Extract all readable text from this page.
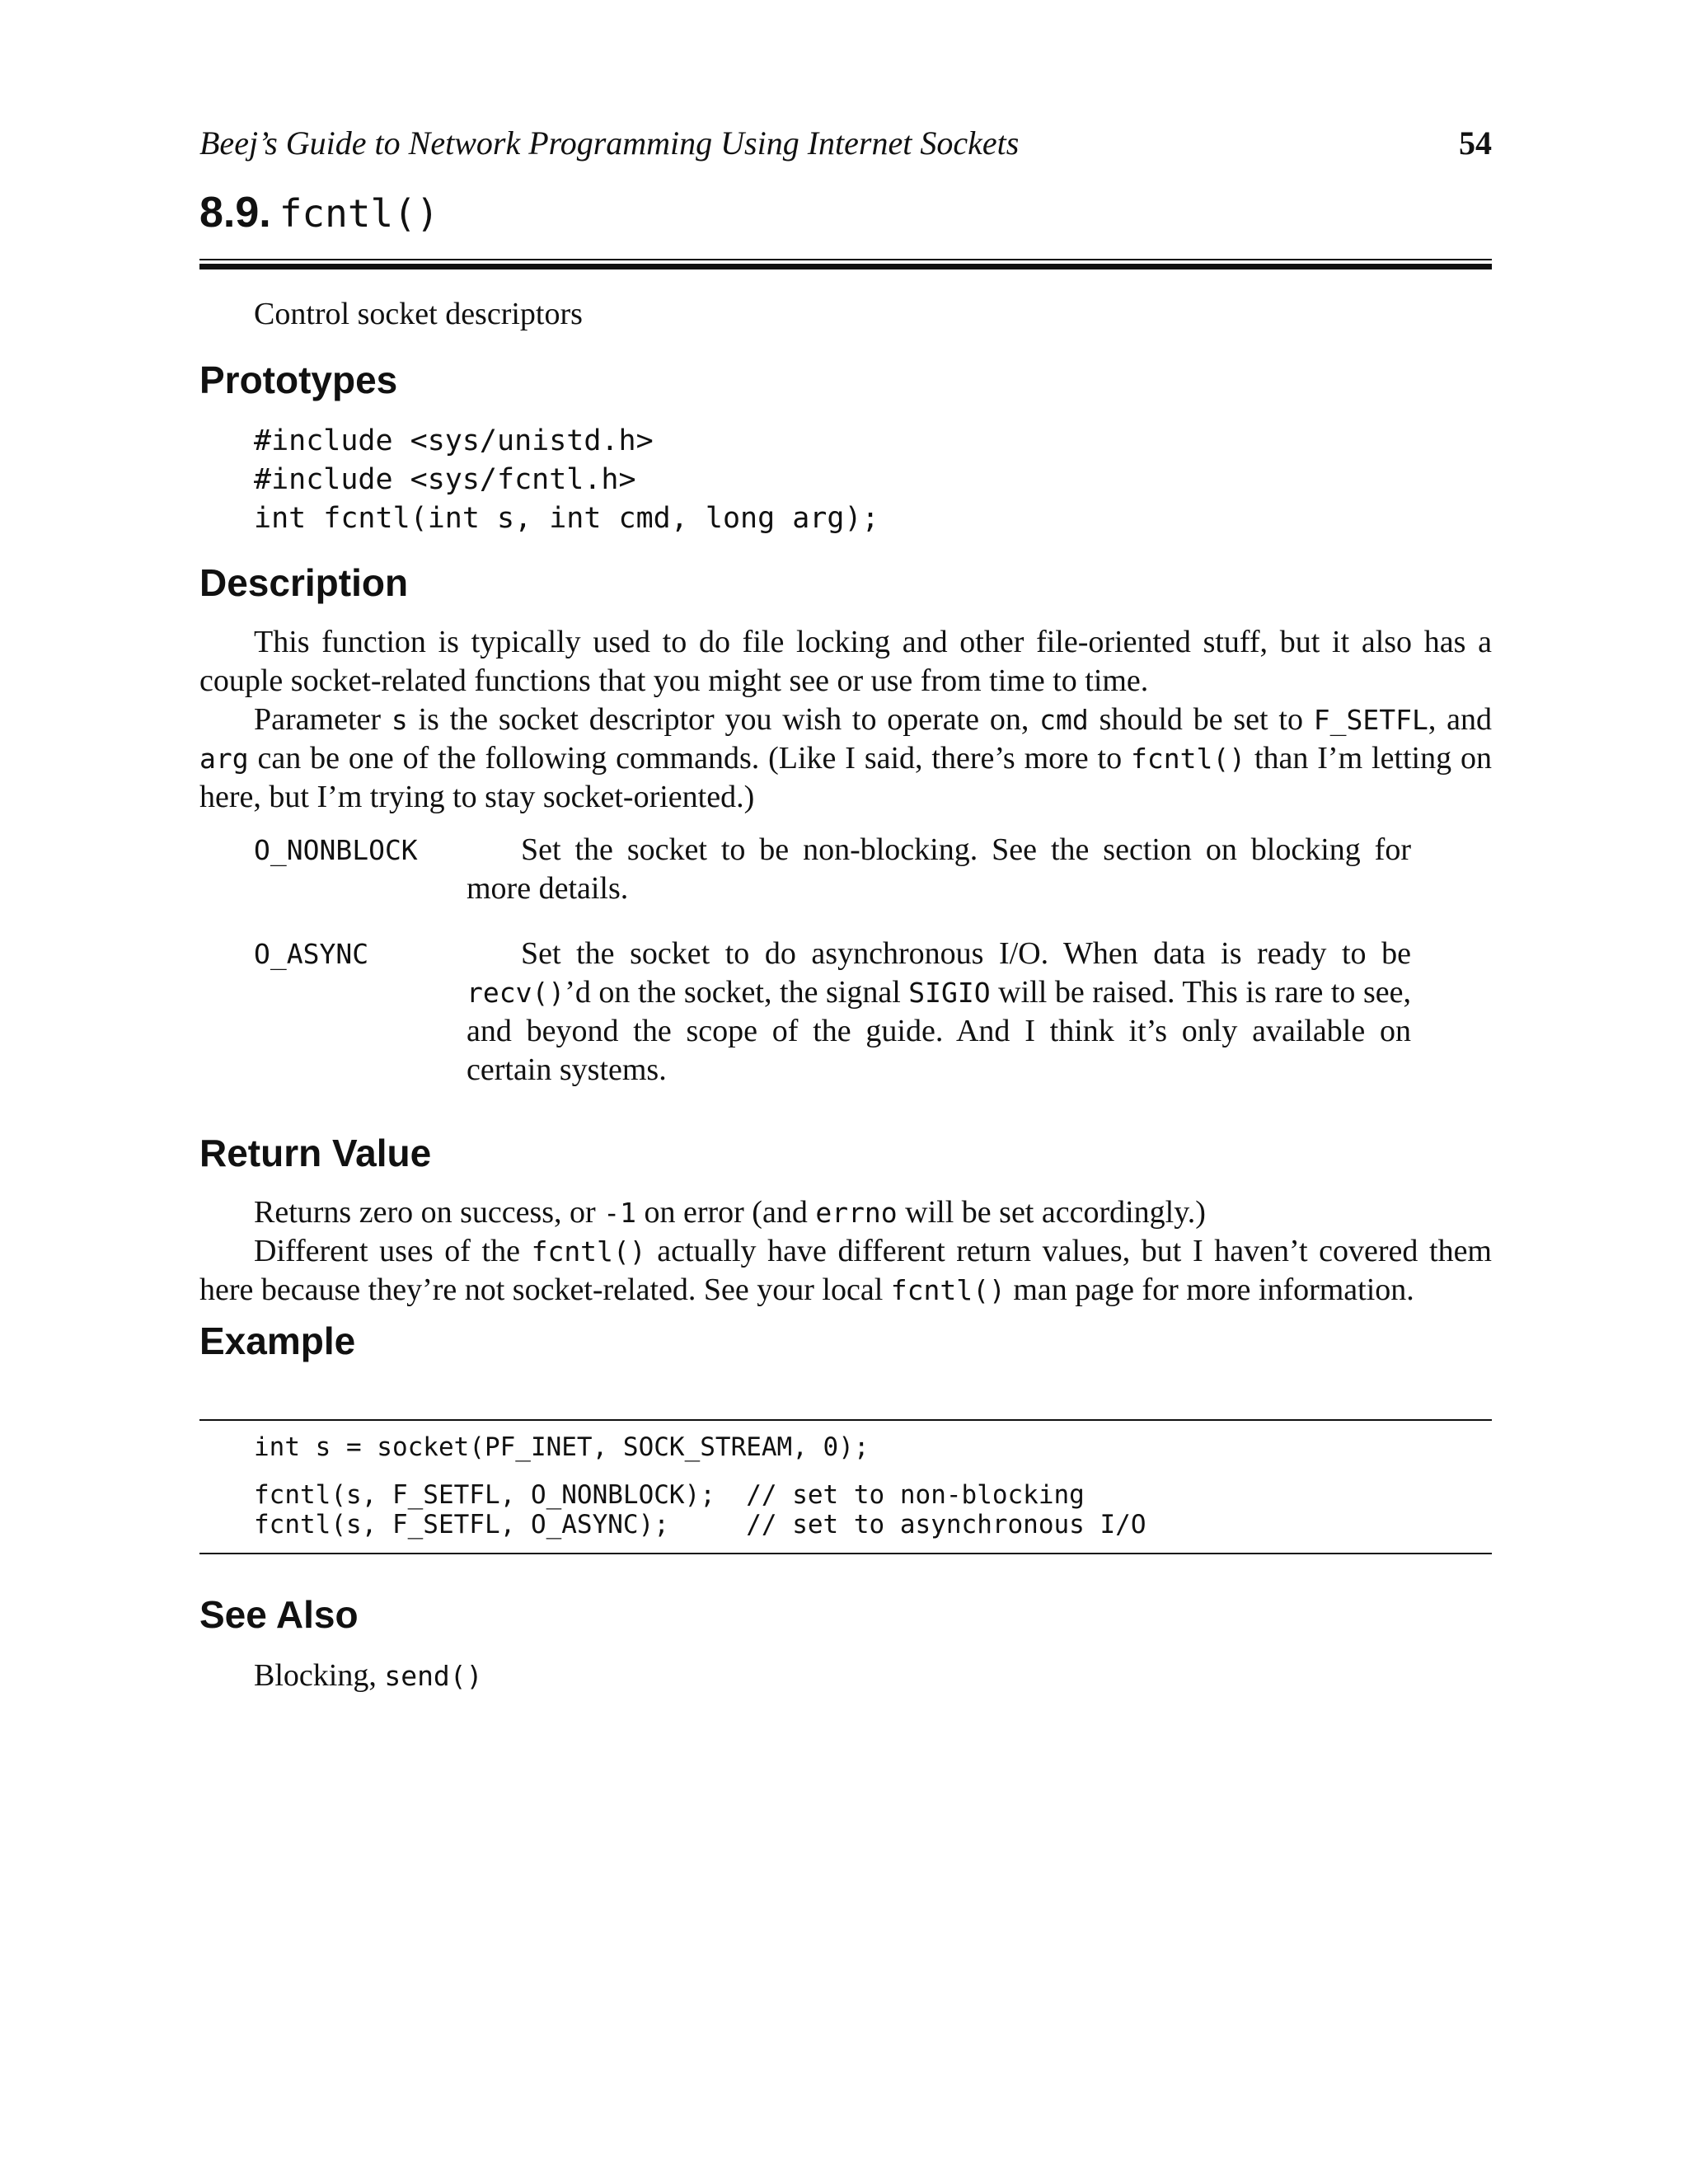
Beej’s Guide to Network Programming Using Internet Sockets	54
8.9. fcntl()
Control socket descriptors
Prototypes
#include <sys/unistd.h>
#include <sys/fcntl.h>
int fcntl(int s, int cmd, long arg);
Description

This function is typically used to do file locking and other file-oriented stuff, but it also has a couple socket-related functions that you might see or use from time to time.

Parameter s is the socket descriptor you wish to operate on, cmd should be set to F_SETFL, and arg can be one of the following commands. (Like I said, there’s more to fcntl() than I’m letting on here, but I’m trying to stay socket-oriented.)

O_NONBLOCK	Set the socket to be non-blocking. See the section on blocking for more details.
O_ASYNC	Set the socket to do asynchronous I/O. When data is ready to be recv()’d on the socket, the signal SIGIO will be raised. This is rare to see, and beyond the scope of the guide. And I think it’s only available on certain systems.
Return Value

Returns zero on success, or -1 on error (and errno will be set accordingly.)

Different uses of the fcntl() actually have different return values, but I haven’t covered them here because they’re not socket-related. See your local fcntl() man page for more information.

Example
int s = socket(PF_INET, SOCK_STREAM, 0);
fcntl(s, F_SETFL, O_NONBLOCK);  // set to non-blocking
fcntl(s, F_SETFL, O_ASYNC);     // set to asynchronous I/O
See Also
Blocking, send()
